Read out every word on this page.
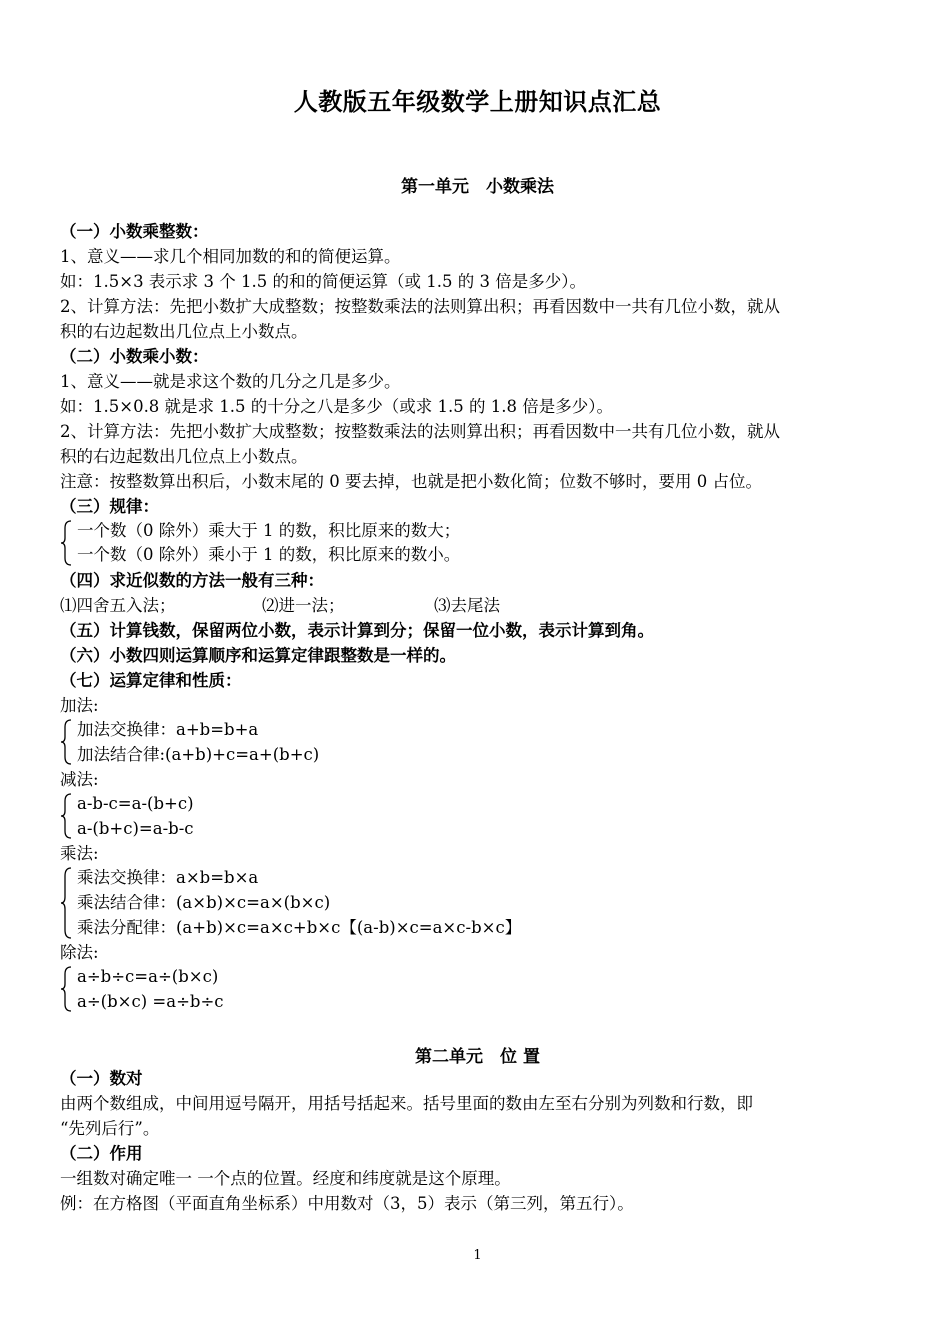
人教版五年级数学上册知识点汇总
第一单元　小数乘法
（一）小数乘整数：
1、意义——求几个相同加数的和的简便运算。
如：1.5×3 表示求 3 个 1.5 的和的简便运算（或 1.5 的 3 倍是多少）。
2、计算方法：先把小数扩大成整数；按整数乘法的法则算出积；再看因数中一共有几位小数，就从
积的右边起数出几位点上小数点。
（二）小数乘小数：
1、意义——就是求这个数的几分之几是多少。
如：1.5×0.8 就是求 1.5 的十分之八是多少（或求 1.5 的 1.8 倍是多少）。
2、计算方法：先把小数扩大成整数；按整数乘法的法则算出积；再看因数中一共有几位小数，就从
积的右边起数出几位点上小数点。
注意：按整数算出积后，小数末尾的 0 要去掉，也就是把小数化简；位数不够时，要用 0 占位。
（三）规律：
一个数（0 除外）乘大于 1 的数，积比原来的数大；
一个数（0 除外）乘小于 1 的数，积比原来的数小。
（四）求近似数的方法一般有三种：
⑴四舍五入法；	⑵进一法；	⑶去尾法
（五）计算钱数，保留两位小数，表示计算到分；保留一位小数，表示计算到角。
（六）小数四则运算顺序和运算定律跟整数是一样的。
（七）运算定律和性质：
加法:
加法交换律：a+b=b+a
加法结合律:(a+b)+c=a+(b+c)
减法:
a-b-c=a-(b+c)
a-(b+c)=a-b-c
乘法:
乘法交换律：a×b=b×a
乘法结合律：(a×b)×c=a×(b×c)
乘法分配律：(a+b)×c=a×c+b×c【(a-b)×c=a×c-b×c】
除法:
a÷b÷c=a÷(b×c)
a÷(b×c) =a÷b÷c
第二单元　位 置
（一）数对
由两个数组成，中间用逗号隔开，用括号括起来。括号里面的数由左至右分别为列数和行数，即
“先列后行”。
（二）作用
一组数对确定唯一 一个点的位置。经度和纬度就是这个原理。
例：在方格图（平面直角坐标系）中用数对（3，5）表示（第三列，第五行）。
1
